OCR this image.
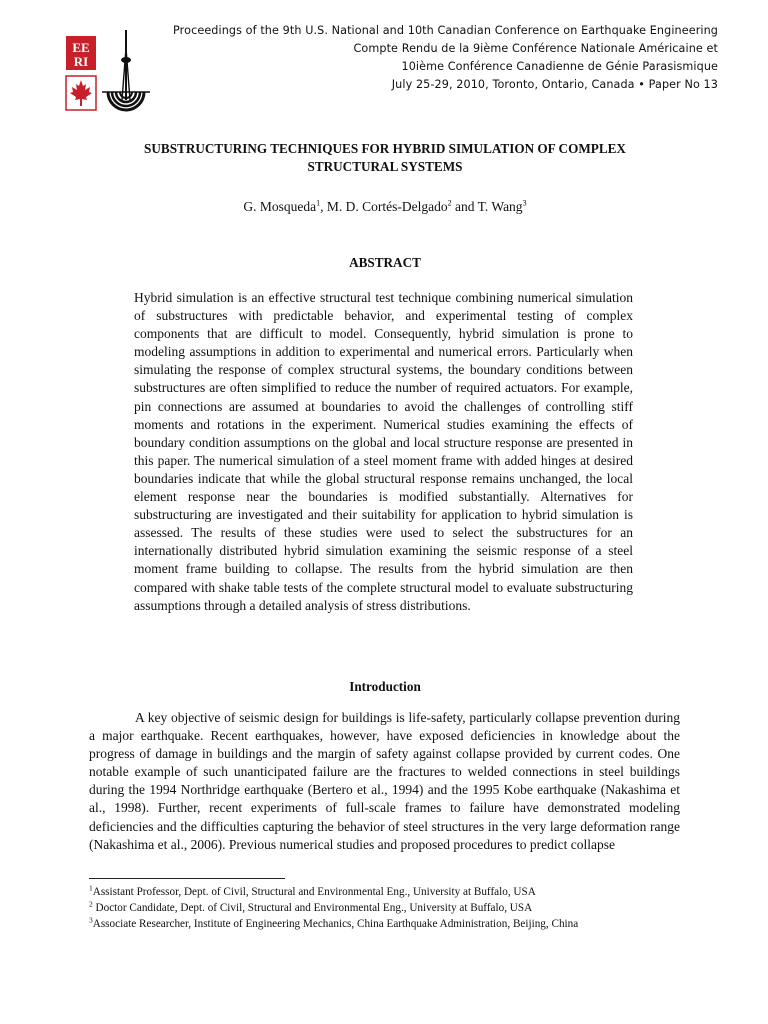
EE
RI
Proceedings of the 9th U.S. National and 10th Canadian Conference on Earthquake Engineering
Compte Rendu de la 9ième Conférence Nationale Américaine et
10ième Conférence Canadienne de Génie Parasismique
July 25-29, 2010, Toronto, Ontario, Canada • Paper No 13
SUBSTRUCTURING TECHNIQUES FOR HYBRID SIMULATION OF COMPLEX
STRUCTURAL SYSTEMS
G. Mosqueda$^1$, M. D. Cortés-Delgado$^2$ and T. Wang$^3$
ABSTRACT

Hybrid simulation is an effective structural test technique combining numerical simulation of substructures with predictable behavior, and experimental testing of complex components that are difficult to model. Consequently, hybrid simulation is prone to modeling assumptions in addition to experimental and numerical errors. Particularly when simulating the response of complex structural systems, the boundary conditions between substructures are often simplified to reduce the number of required actuators. For example, pin connections are assumed at boundaries to avoid the challenges of controlling stiff moments and rotations in the experiment. Numerical studies examining the effects of boundary condition assumptions on the global and local structure response are presented in this paper. The numerical simulation of a steel moment frame with added hinges at desired boundaries indicate that while the global structural response remains unchanged, the local element response near the boundaries is modified substantially. Alternatives for substructuring are investigated and their suitability for application to hybrid simulation is assessed. The results of these studies were used to select the substructures for an internationally distributed hybrid simulation examining the seismic response of a steel moment frame building to collapse. The results from the hybrid simulation are then compared with shake table tests of the complete structural model to evaluate substructuring assumptions through a detailed analysis of stress distributions.

Introduction

A key objective of seismic design for buildings is life-safety, particularly collapse prevention during a major earthquake. Recent earthquakes, however, have exposed deficiencies in knowledge about the progress of damage in buildings and the margin of safety against collapse provided by current codes. One notable example of such unanticipated failure are the fractures to welded connections in steel buildings during the 1994 Northridge earthquake (Bertero et al., 1994) and the 1995 Kobe earthquake (Nakashima et al., 1998). Further, recent experiments of full-scale frames to failure have demonstrated modeling deficiencies and the difficulties capturing the behavior of steel structures in the very large deformation range (Nakashima et al., 2006). Previous numerical studies and proposed procedures to predict collapse

$^1$Assistant Professor, Dept. of Civil, Structural and Environmental Eng., University at Buffalo, USA
$^2$ Doctor Candidate, Dept. of Civil, Structural and Environmental Eng., University at Buffalo, USA
$^3$Associate Researcher, Institute of Engineering Mechanics, China Earthquake Administration, Beijing, China
